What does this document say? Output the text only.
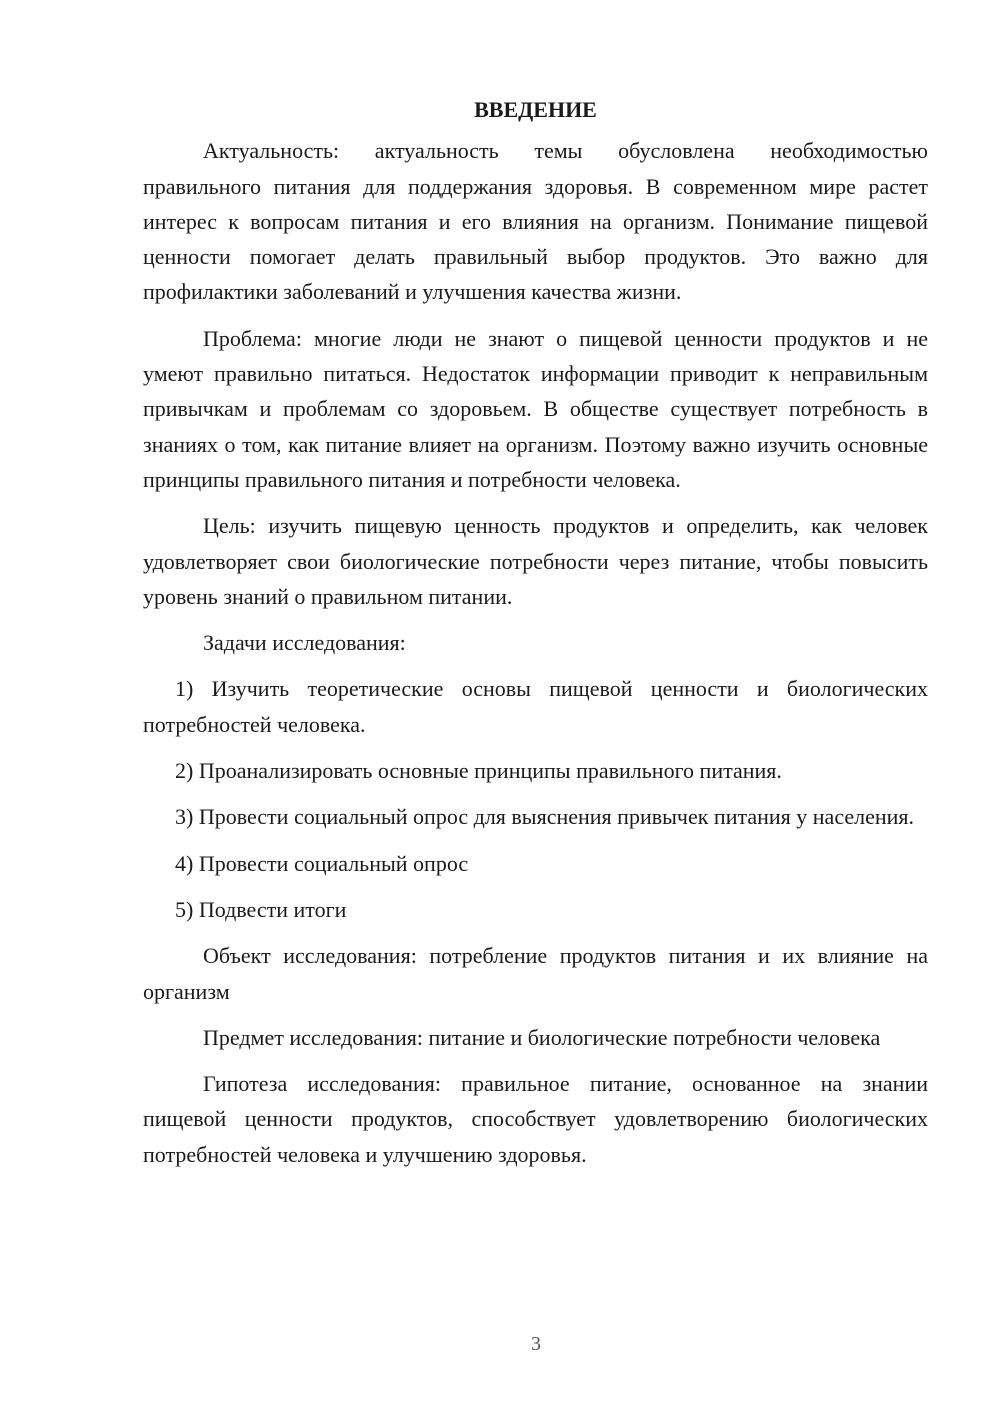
ВВЕДЕНИЕ

Актуальность: актуальность темы обусловлена необходимостью правильного питания для поддержания здоровья. В современном мире растет интерес к вопросам питания и его влияния на организм. Понимание пищевой ценности помогает делать правильный выбор продуктов. Это важно для профилактики заболеваний и улучшения качества жизни.

Проблема: многие люди не знают о пищевой ценности продуктов и не умеют правильно питаться. Недостаток информации приводит к неправильным привычкам и проблемам со здоровьем. В обществе существует потребность в знаниях о том, как питание влияет на организм. Поэтому важно изучить основные принципы правильного питания и потребности человека.

Цель: изучить пищевую ценность продуктов и определить, как человек удовлетворяет свои биологические потребности через питание, чтобы повысить уровень знаний о правильном питании.

Задачи исследования:

1) Изучить теоретические основы пищевой ценности и биологических потребностей человека.

2) Проанализировать основные принципы правильного питания.

3) Провести социальный опрос для выяснения привычек питания у населения.

4) Провести социальный опрос

5) Подвести итоги

Объект исследования: потребление продуктов питания и их влияние на организм

Предмет исследования: питание и биологические потребности человека

Гипотеза исследования: правильное питание, основанное на знании пищевой ценности продуктов, способствует удовлетворению биологических потребностей человека и улучшению здоровья.

3
